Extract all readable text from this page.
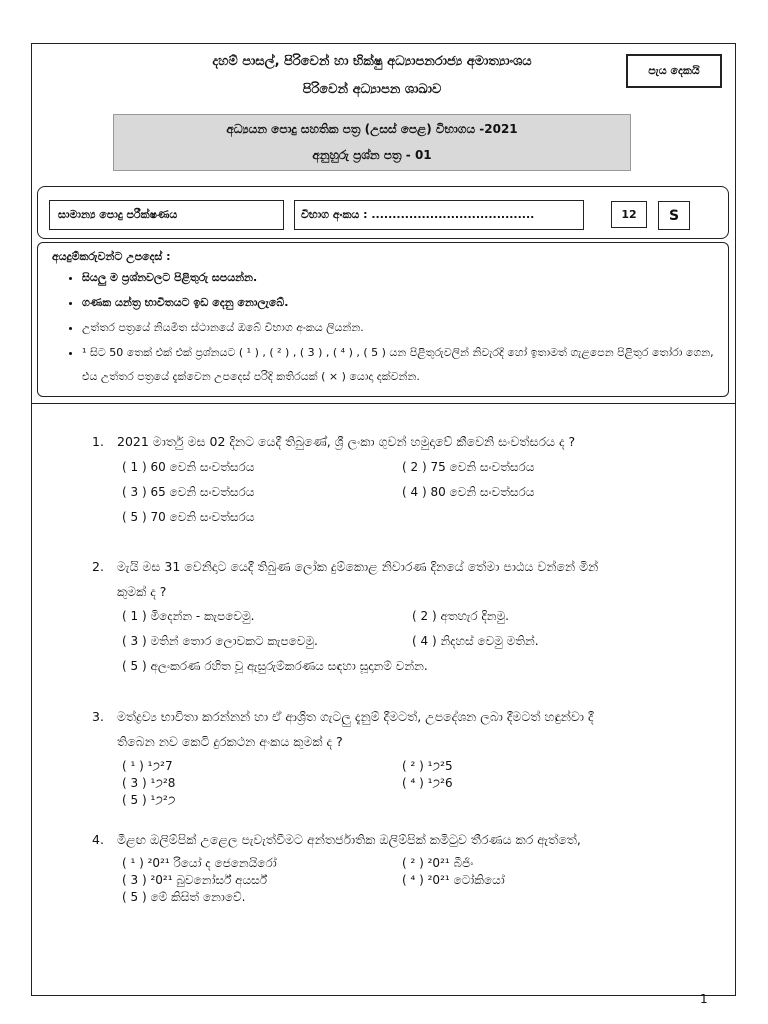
දහම් පාසල්, පිරිවෙන් හා භික්ෂු අධ්‍යාපනරාජ්‍ය අමාත්‍යාංශය
පිරිවෙන් අධ්‍යාපන ශාඛාව
පැය දෙකයි
අධ්‍යයන පොදු සහතික පත්‍ර (උසස් පෙළ) විභාගය -2021
අනුහුරු ප්‍රශ්න පත්‍ර - 01
සාමාන්‍ය පොදු පරීක්ෂණය	විභාග අංකය : .......................................	12	S
අයදුම්කරුවන්ට උපදෙස් :
• සියලු ම ප්‍රශ්නවලට පිළිතුරු සපයන්න.
• ගණක යන්ත්‍ර භාවිතයට ඉඩ දෙනු නොලැබේ.
• උත්තර පත්‍රයේ නියමිත ස්ථානයේ ඔබේ විභාග අංකය ලියන්න.
• ¹ සිට 50 තෙක් එක් එක් ප්‍රශ්නයට ( ¹ ) , ( ² ) , ( 3 ) , ( ⁴ ) , ( 5 ) යන පිළිතුරුවලින් නිවැරදි හෝ ඉතාමත් ගැළපෙන පිළිතුර තෝරා ගෙන, එය උත්තර පත්‍රයේ දැක්වෙන උපදෙස් පරිදි කතිරයක් ( × ) යොදා දක්වන්න.
1. 2021 මාර්තු මස 02 දිනට යෙදී තිබුණේ, ශ්‍රී ලංකා ගුවන් හමුදාවේ කීවෙනි සංවත්සරය ද ?
( 1 ) 60 වෙනි සංවත්සරය	( 2 ) 75 වෙනි සංවත්සරය
( 3 ) 65 වෙනි සංවත්සරය	( 4 ) 80 වෙනි සංවත්සරය
( 5 ) 70 වෙනි සංවත්සරය
2. මැයි මස 31 වෙනිදාට යෙදී තිබුණ ලෝක දුම්කොළ නිවාරණ දිනයේ තේමා පාඨය වන්නේ මින්
කුමක් ද ?
( 1 ) මිදෙන්න - කැපවෙමු.	( 2 ) අතහැර දිනමු.
( 3 ) මතින් තොර ලොවකට කැපවෙමු.	( 4 ) නිදහස් වෙමු මතින්.
( 5 ) අලංකරණ රහිත වූ ඇසුරුම්කරණය සඳහා සූදානම් වන්න.
3. මත්ද්‍රව්‍ය භාවිතා කරන්නන් හා ඒ ආශ්‍රිත ගැටලු දැනුම් දීමටත්, උපදේශන ලබා දීමටත් හඳුන්වා දී
තිබෙන නව කෙටි දුරකථන අංකය කුමක් ද ?
( ¹ ) ¹੭²7	( ² ) ¹੭²5
( 3 ) ¹੭²8	( ⁴ ) ¹੭²6
( 5 ) ¹੭²੭
4. මීළඟ ඔලිම්පික් උළෙල පැවැත්වීමට අන්තර්ජාතික ඔලිම්පික් කමිටුව තීරණය කර ඇත්තේ,
( ¹ ) ²0²¹ රියෝ ද ජෙනෙයිරෝ	( ² ) ²0²¹ බීජිං
( 3 ) ²0²¹ බුවනෝර්ස් අයර්ස්	( ⁴ ) ²0²¹ ටෝකියෝ
( 5 ) මේ කිසිත් නොවේ.
1
